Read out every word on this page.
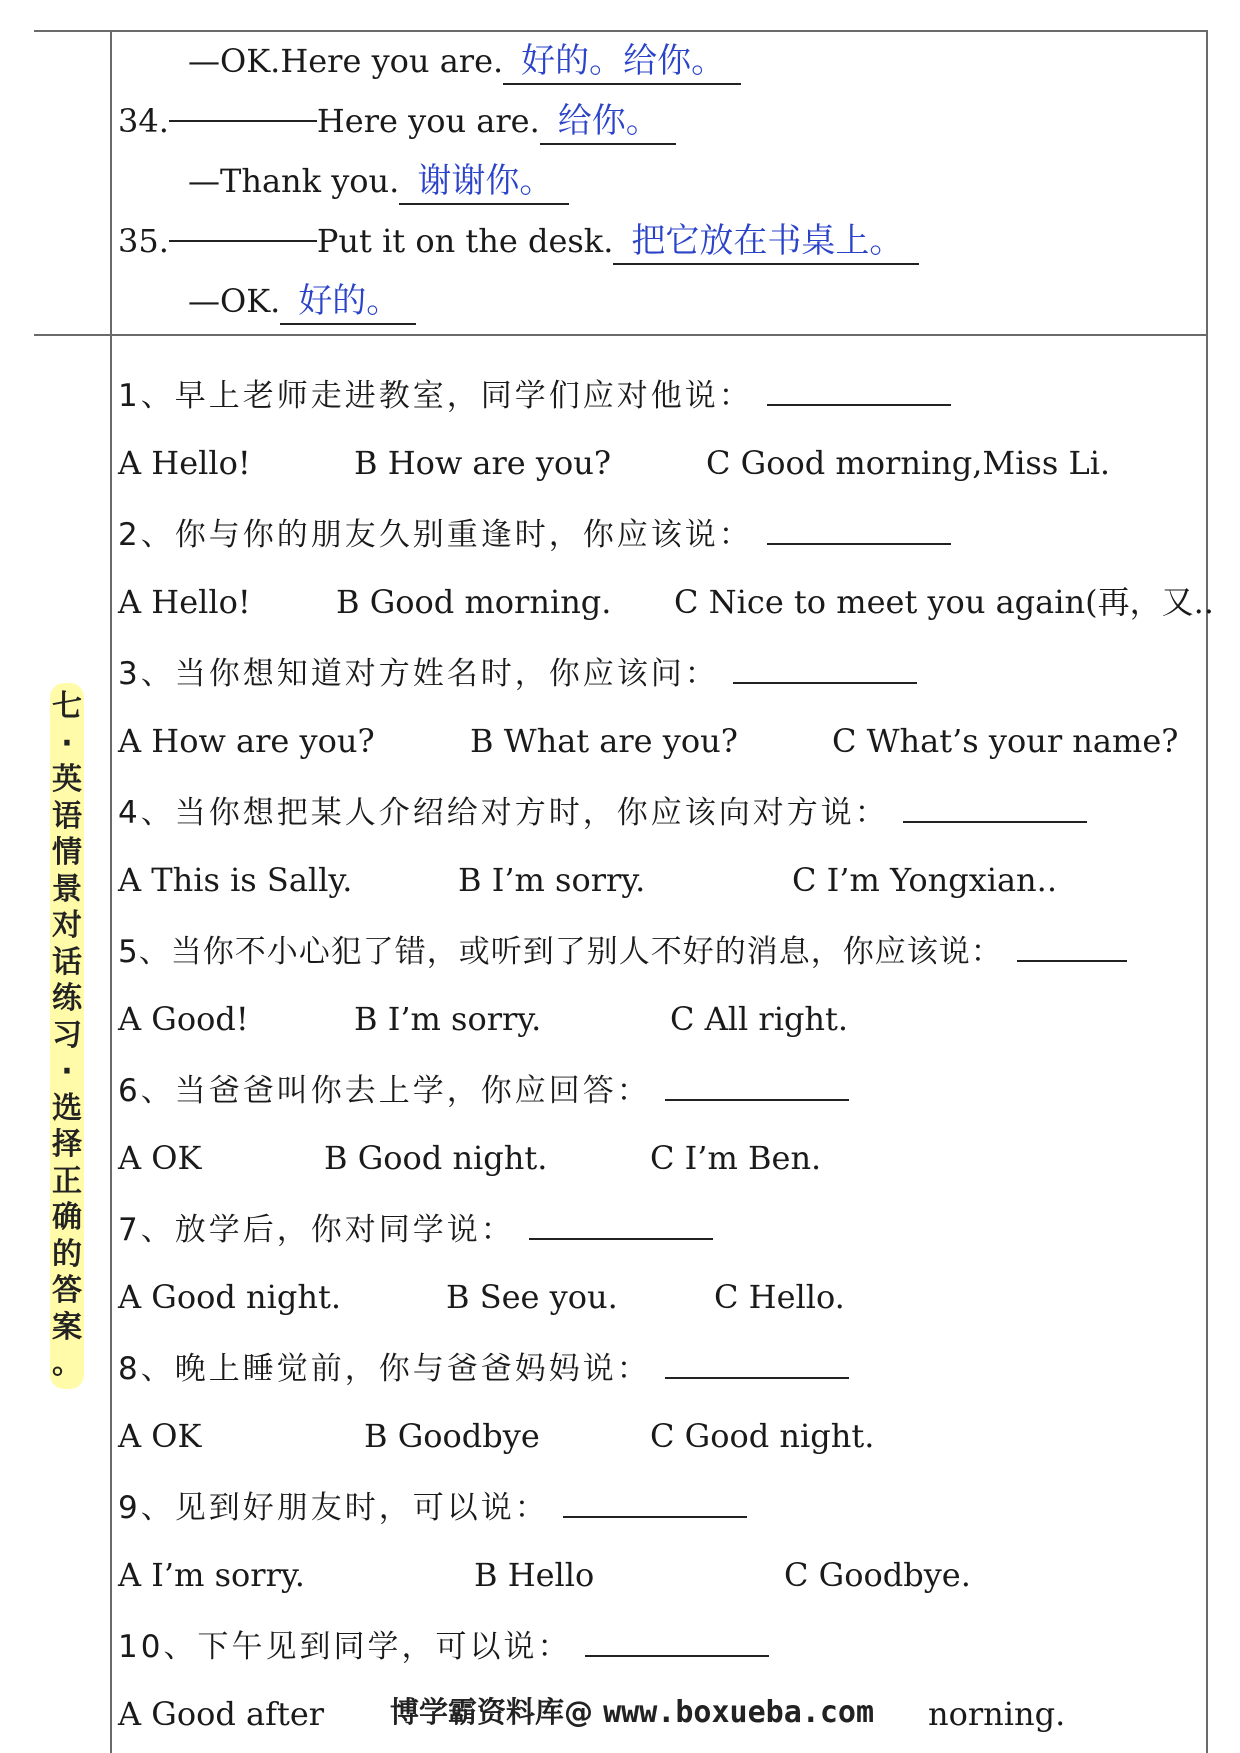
—OK.Here you are. 好的。给你。
34.	Here you are. 给你。
—Thank you. 谢谢你。
35.	Put it on the desk. 把它放在书桌上。
—OK. 好的。
七
·
英
语
情
景
对
话
练
习
·
选
择
正
确
的
答
案
。
1、早上老师走进教室，同学们应对他说：
A Hello!	B How are you?	C Good morning,Miss Li.
2、你与你的朋友久别重逢时，你应该说：
A Hello!	B Good morning. C Nice to meet you again(再，又..
3、当你想知道对方姓名时，你应该问：
A How are you?	B What are you?	C What’s your name?
4、当你想把某人介绍给对方时，你应该向对方说：
A This is Sally.	B I’m sorry.	C I’m Yongxian..
5、当你不小心犯了错，或听到了别人不好的消息，你应该说：
A Good!	B I’m sorry.	C All right.
6、当爸爸叫你去上学，你应回答：
A OK	B Good night.	C I’m Ben.
7、放学后，你对同学说：
A Good night.	B See you.	C Hello.
8、晚上睡觉前，你与爸爸妈妈说：
A OK	B Goodbye	C Good night.
9、见到好朋友时，可以说：
A I’m sorry.	B Hello	C Goodbye.
10、下午见到同学，可以说：
A Good after	norning.
博学霸资料库@ www.boxueba.com
